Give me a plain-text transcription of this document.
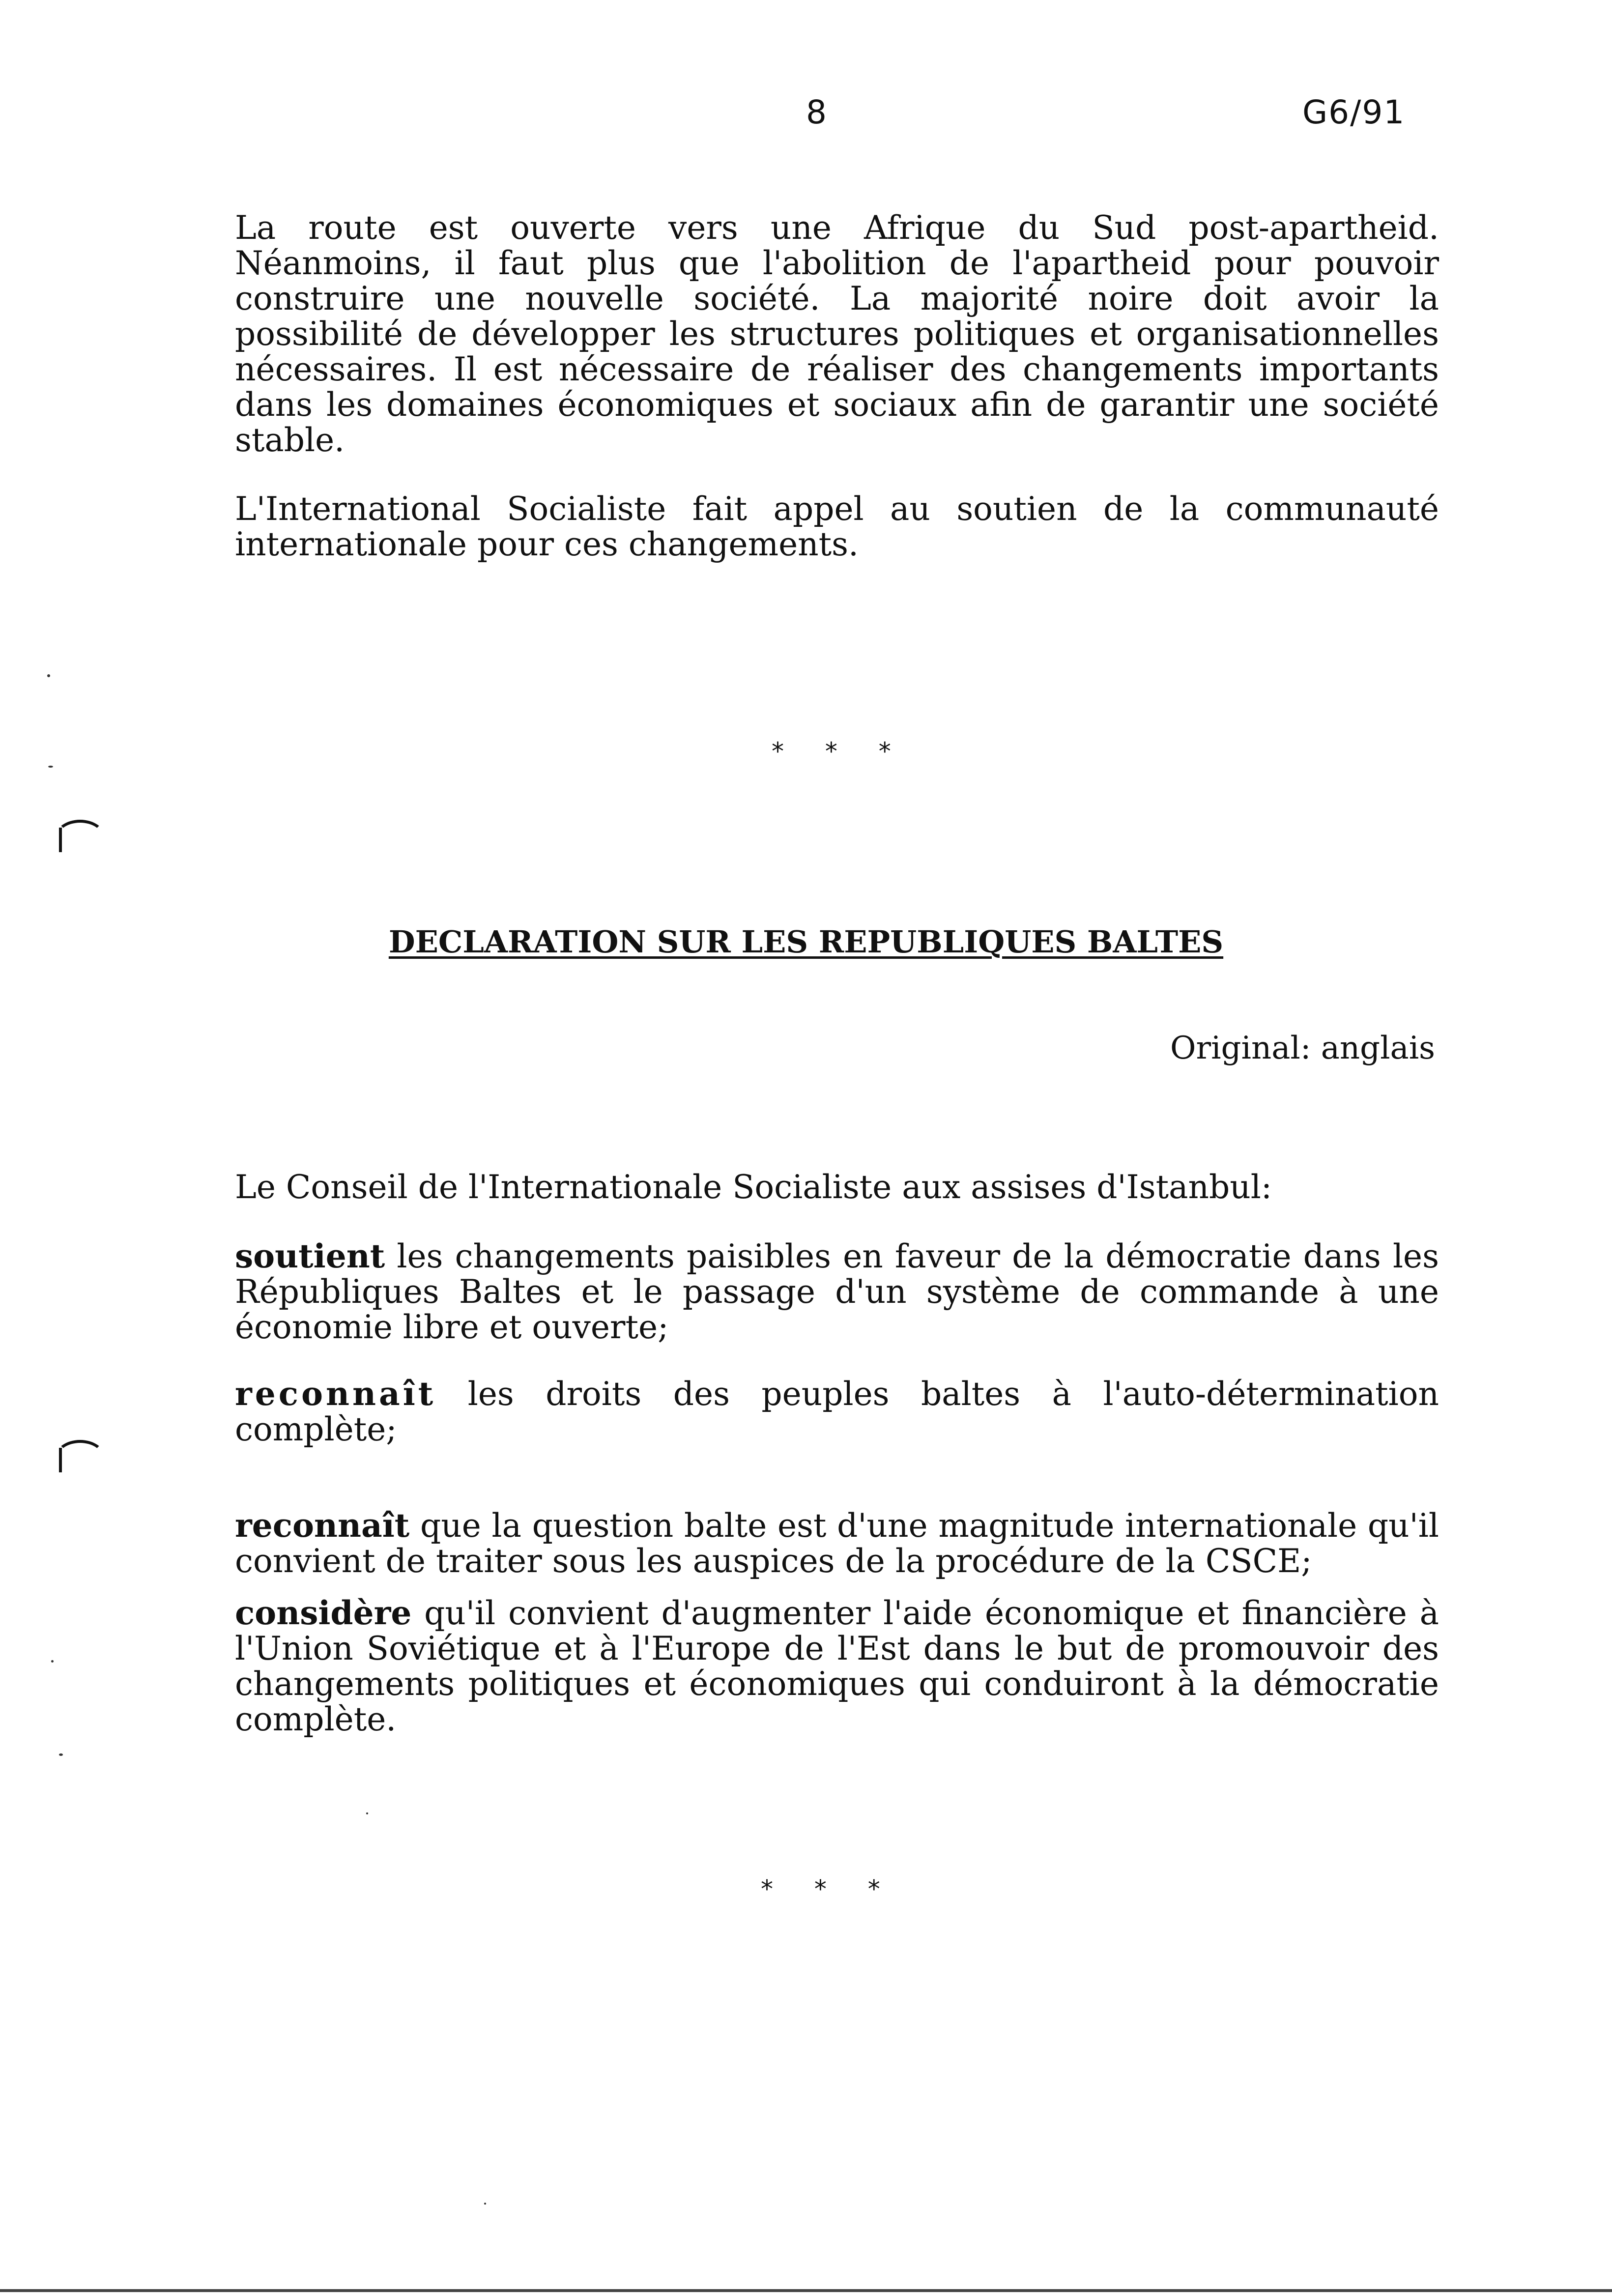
8	G6/91

La route est ouverte vers une Afrique du Sud post-apartheid. Néanmoins, il faut plus que l'abolition de l'apartheid pour pouvoir construire une nouvelle société. La majorité noire doit avoir la possibilité de développer les structures politiques et organisationnelles nécessaires. Il est nécessaire de réaliser des changements importants dans les domaines économiques et sociaux afin de garantir une société stable.

L'International Socialiste fait appel au soutien de la communauté internationale pour ces changements.

* * *
DECLARATION SUR LES REPUBLIQUES BALTES
Original: anglais

Le Conseil de l'Internationale Socialiste aux assises d'Istanbul:

soutient les changements paisibles en faveur de la démocratie dans les Républiques Baltes et le passage d'un système de commande à une économie libre et ouverte;

reconnaît les droits des peuples baltes à l'auto-détermination complète;

reconnaît que la question balte est d'une magnitude internationale qu'il convient de traiter sous les auspices de la procédure de la CSCE;

considère qu'il convient d'augmenter l'aide économique et financière à l'Union Soviétique et à l'Europe de l'Est dans le but de promouvoir des changements politiques et économiques qui conduiront à la démocratie complète.

* * *
